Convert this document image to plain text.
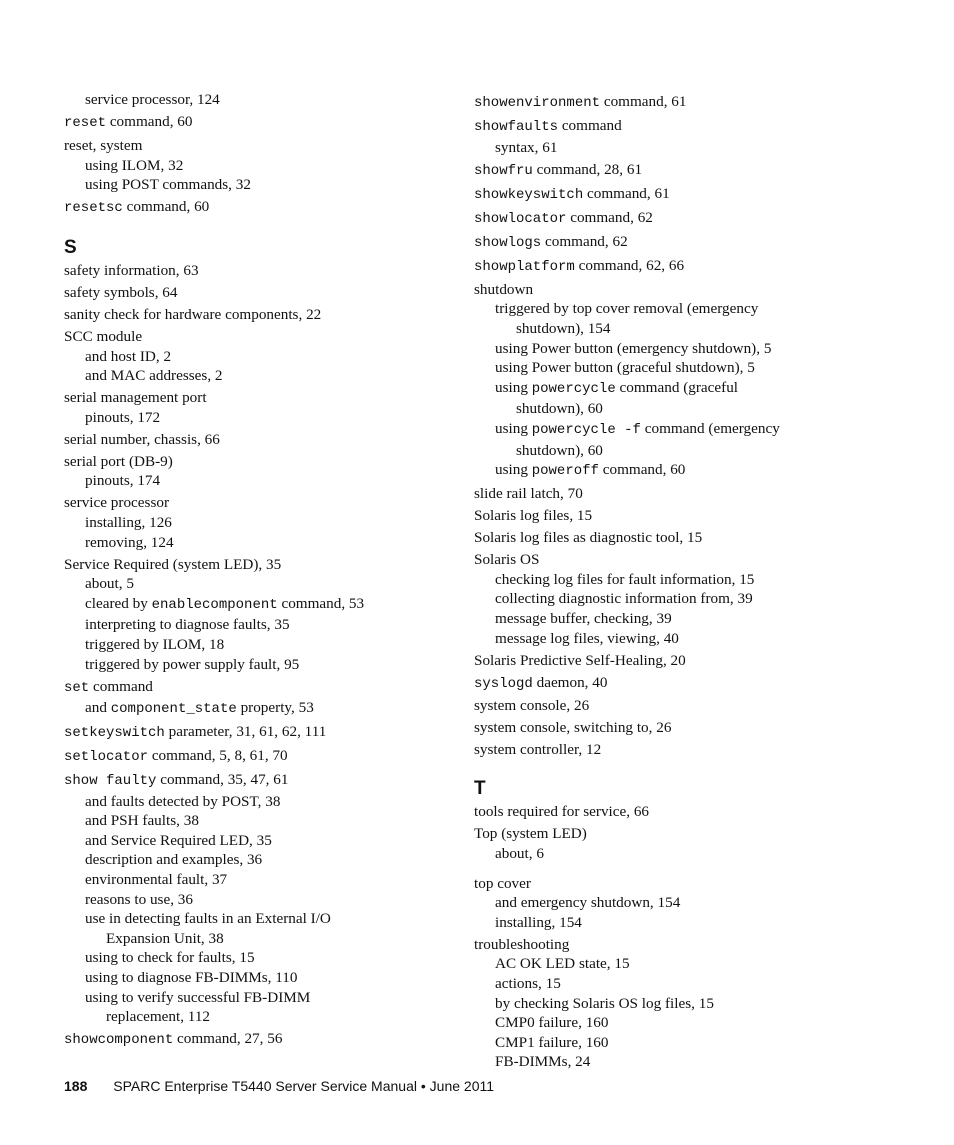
service processor, 124
reset command, 60
reset, system
using ILOM, 32
using POST commands, 32
resetsc command, 60
S
safety information, 63
safety symbols, 64
sanity check for hardware components, 22
SCC module
and host ID, 2
and MAC addresses, 2
serial management port
pinouts, 172
serial number, chassis, 66
serial port (DB-9)
pinouts, 174
service processor
installing, 126
removing, 124
Service Required (system LED), 35
about, 5
cleared by enablecomponent command, 53
interpreting to diagnose faults, 35
triggered by ILOM, 18
triggered by power supply fault, 95
set command
and component_state property, 53
setkeyswitch parameter, 31, 61, 62, 111
setlocator command, 5, 8, 61, 70
show faulty command, 35, 47, 61
and faults detected by POST, 38
and PSH faults, 38
and Service Required LED, 35
description and examples, 36
environmental fault, 37
reasons to use, 36
use in detecting faults in an External I/O
Expansion Unit, 38
using to check for faults, 15
using to diagnose FB-DIMMs, 110
using to verify successful FB-DIMM
replacement, 112
showcomponent command, 27, 56
showenvironment command, 61
showfaults command
syntax, 61
showfru command, 28, 61
showkeyswitch command, 61
showlocator command, 62
showlogs command, 62
showplatform command, 62, 66
shutdown
triggered by top cover removal (emergency
shutdown), 154
using Power button (emergency shutdown), 5
using Power button (graceful shutdown), 5
using powercycle command (graceful
shutdown), 60
using powercycle -f command (emergency
shutdown), 60
using poweroff command, 60
slide rail latch, 70
Solaris log files, 15
Solaris log files as diagnostic tool, 15
Solaris OS
checking log files for fault information, 15
collecting diagnostic information from, 39
message buffer, checking, 39
message log files, viewing, 40
Solaris Predictive Self-Healing, 20
syslogd daemon, 40
system console, 26
system console, switching to, 26
system controller, 12
T
tools required for service, 66
Top (system LED)
about, 6
top cover
and emergency shutdown, 154
installing, 154
troubleshooting
AC OK LED state, 15
actions, 15
by checking Solaris OS log files, 15
CMP0 failure, 160
CMP1 failure, 160
FB-DIMMs, 24
188 SPARC Enterprise T5440 Server Service Manual • June 2011
